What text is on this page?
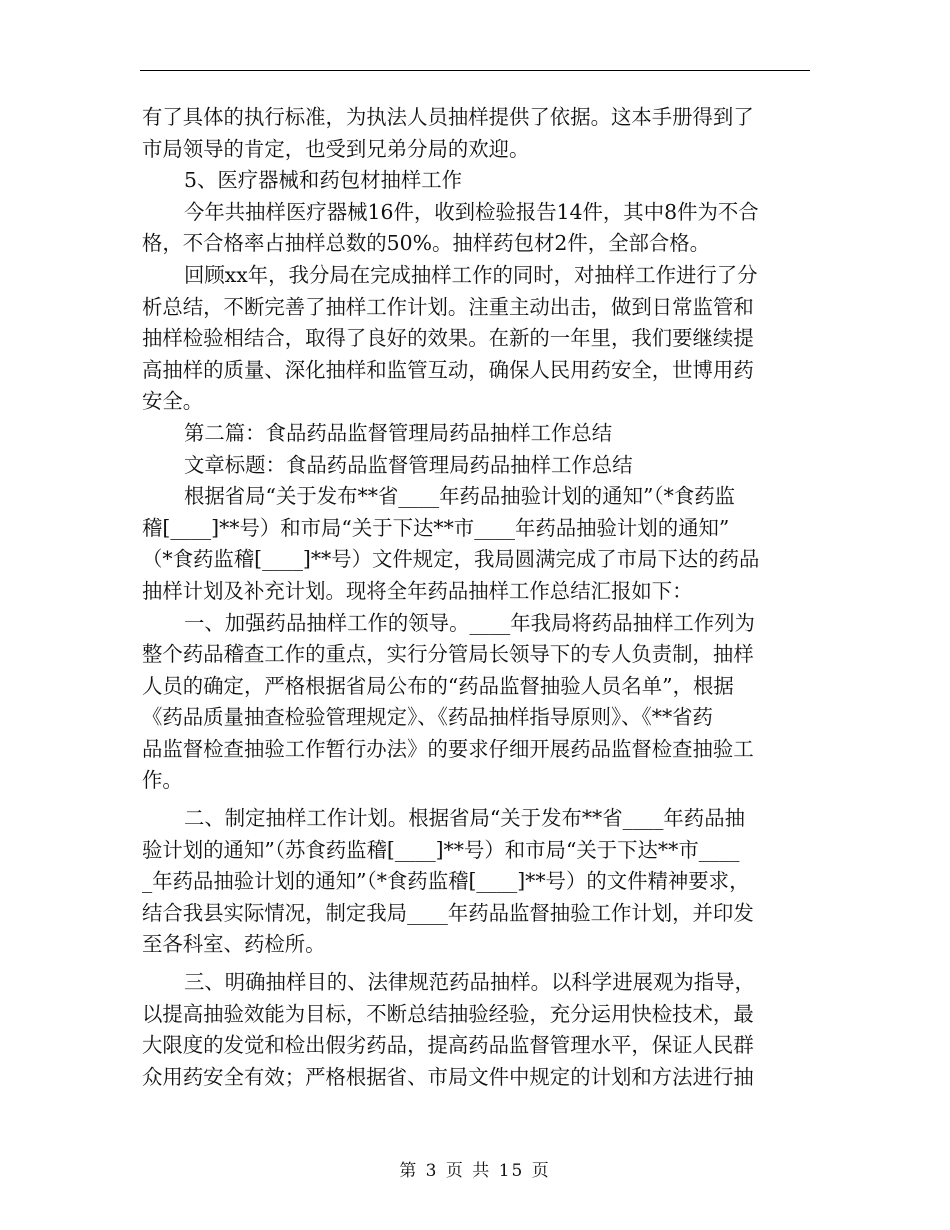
有了具体的执行标准，为执法人员抽样提供了依据。这本手册得到了
市局领导的肯定，也受到兄弟分局的欢迎。
5、医疗器械和药包材抽样工作
今年共抽样医疗器械16件，收到检验报告14件，其中8件为不合
格，不合格率占抽样总数的50%。抽样药包材2件，全部合格。
回顾xx年，我分局在完成抽样工作的同时，对抽样工作进行了分
析总结，不断完善了抽样工作计划。注重主动出击，做到日常监管和
抽样检验相结合，取得了良好的效果。在新的一年里，我们要继续提
高抽样的质量、深化抽样和监管互动，确保人民用药安全，世博用药
安全。
第二篇：食品药品监督管理局药品抽样工作总结
文章标题：食品药品监督管理局药品抽样工作总结
根据省局“关于发布**省____年药品抽验计划的通知”（*食药监
稽[____]**号）和市局“关于下达**市____年药品抽验计划的通知”
（*食药监稽[____]**号）文件规定，我局圆满完成了市局下达的药品
抽样计划及补充计划。现将全年药品抽样工作总结汇报如下：
一、加强药品抽样工作的领导。____年我局将药品抽样工作列为
整个药品稽查工作的重点，实行分管局长领导下的专人负责制，抽样
人员的确定，严格根据省局公布的“药品监督抽验人员名单”，根据
《药品质量抽查检验管理规定》、《药品抽样指导原则》、《**省药
品监督检查抽验工作暂行办法》的要求仔细开展药品监督检查抽验工
作。
二、制定抽样工作计划。根据省局“关于发布**省____年药品抽
验计划的通知”（苏食药监稽[____]**号）和市局“关于下达**市____
_年药品抽验计划的通知”（*食药监稽[____]**号）的文件精神要求，
结合我县实际情况，制定我局____年药品监督抽验工作计划，并印发
至各科室、药检所。
三、明确抽样目的、法律规范药品抽样。以科学进展观为指导，
以提高抽验效能为目标，不断总结抽验经验，充分运用快检技术，最
大限度的发觉和检出假劣药品，提高药品监督管理水平，保证人民群
众用药安全有效；严格根据省、市局文件中规定的计划和方法进行抽
第 3 页 共 15 页
